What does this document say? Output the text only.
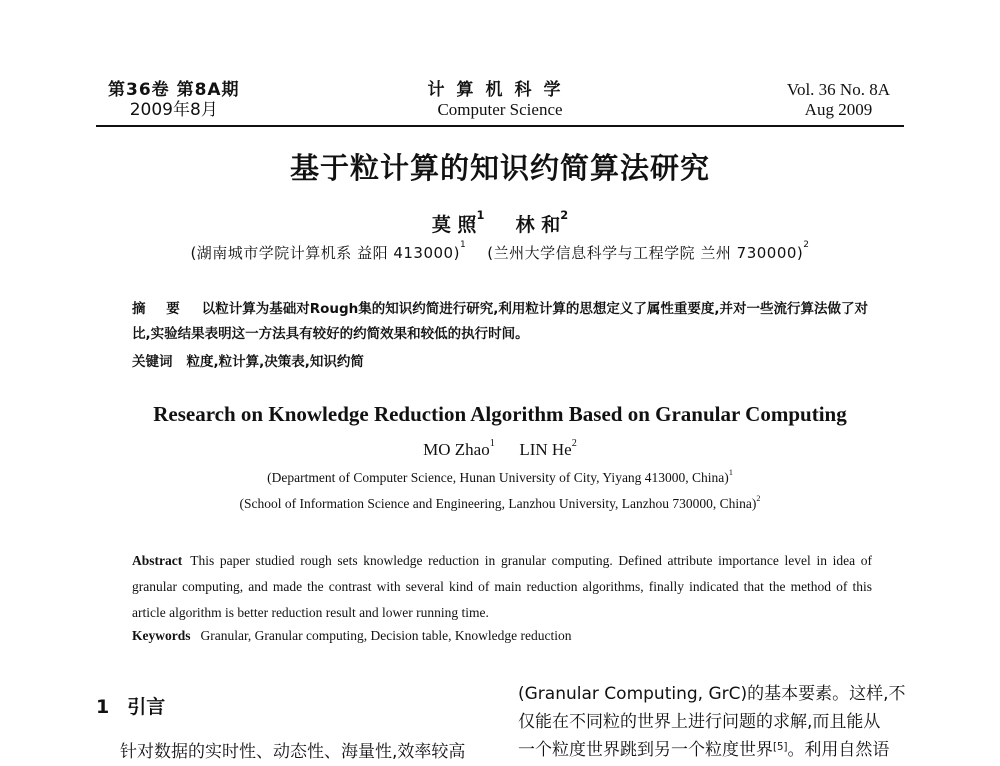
第36卷 第8A期
2009年8月
计算机科学
Computer Science
Vol. 36 No. 8A
Aug 2009
基于粒计算的知识约简算法研究
莫 照$^1$ 林 和$^2$
(湖南城市学院计算机系 益阳 413000)$^1$ (兰州大学信息科学与工程学院 兰州 730000)$^2$
摘 要 以粒计算为基础对Rough集的知识约简进行研究,利用粒计算的思想定义了属性重要度,并对一些流行算法做了对比,实验结果表明这一方法具有较好的约简效果和较低的执行时间。
关键词 粒度,粒计算,决策表,知识约简
Research on Knowledge Reduction Algorithm Based on Granular Computing
MO Zhao$^1$ LIN He$^2$
(Department of Computer Science, Hunan University of City, Yiyang 413000, China)$^1$
(School of Information Science and Engineering, Lanzhou University, Lanzhou 730000, China)$^2$
Abstract This paper studied rough sets knowledge reduction in granular computing. Defined attribute importance level in idea of granular computing, and made the contrast with several kind of main reduction algorithms, finally indicated that the method of this article algorithm is better reduction result and lower running time.
Keywords Granular, Granular computing, Decision table, Knowledge reduction
1 引言
针对数据的实时性、动态性、海量性,效率较高
(Granular Computing, GrC)的基本要素。这样,不
仅能在不同粒的世界上进行问题的求解,而且能从
一个粒度世界跳到另一个粒度世界[5]。利用自然语
